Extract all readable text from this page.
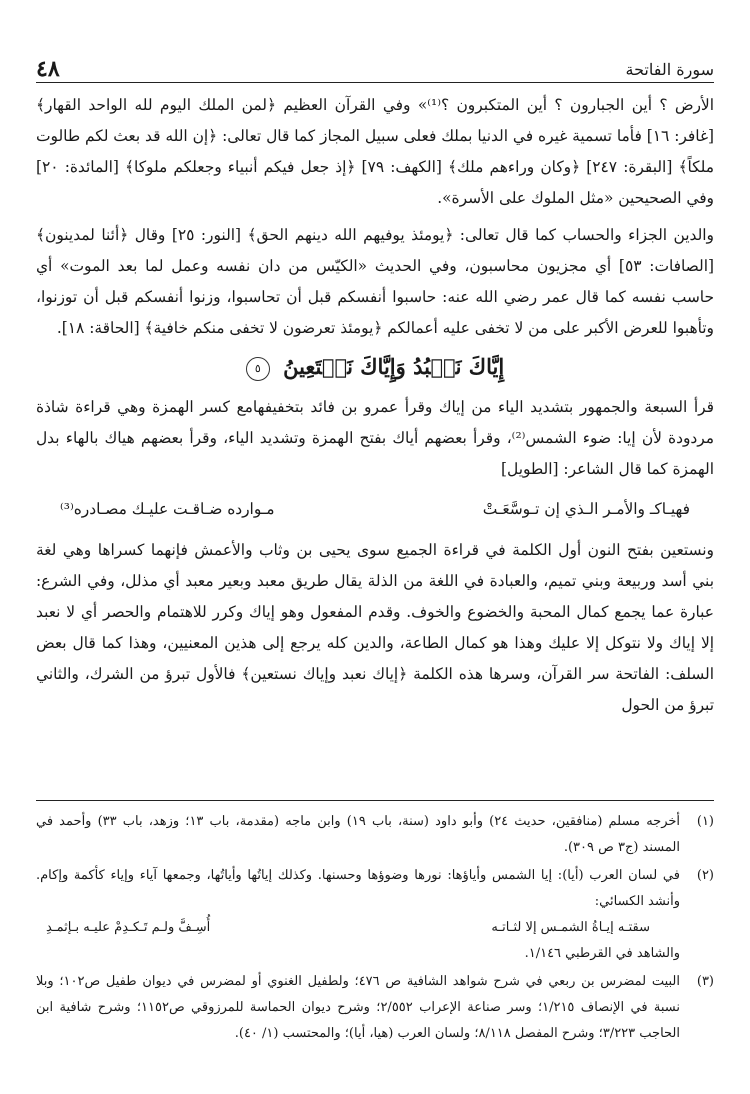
سورة الفاتحة
٤٨

الأرض ؟ أين الجبارون ؟ أين المتكبرون ؟⁽¹⁾» وفي القرآن العظيم ﴿لمن الملك اليوم لله الواحد القهار﴾ [غافر: ١٦] فأما تسمية غيره في الدنيا بملك فعلى سبيل المجاز كما قال تعالى: ﴿إن الله قد بعث لكم طالوت ملكاً﴾ [البقرة: ٢٤٧] ﴿وكان وراءهم ملك﴾ [الكهف: ٧٩] ﴿إذ جعل فيكم أنبياء وجعلكم ملوكا﴾ [المائدة: ٢٠] وفي الصحيحين «مثل الملوك على الأسرة».

والدين الجزاء والحساب كما قال تعالى: ﴿يومئذ يوفيهم الله دينهم الحق﴾ [النور: ٢٥] وقال ﴿أئنا لمدينون﴾ [الصافات: ٥٣] أي مجزيون محاسبون، وفي الحديث «الكيّس من دان نفسه وعمل لما بعد الموت» أي حاسب نفسه كما قال عمر رضي الله عنه: حاسبوا أنفسكم قبل أن تحاسبوا، وزنوا أنفسكم قبل أن توزنوا، وتأهبوا للعرض الأكبر على من لا تخفى عليه أعمالكم ﴿يومئذ تعرضون لا تخفى منكم خافية﴾ [الحاقة: ١٨].

إِيَّاكَ نَعۡبُدُ وَإِيَّاكَ نَسۡتَعِينُ ٥

قرأ السبعة والجمهور بتشديد الياء من إياك وقرأ عمرو بن فائد بتخفيفهامع كسر الهمزة وهي قراءة شاذة مردودة لأن إيا: ضوء الشمس⁽²⁾، وقرأ بعضهم أياك بفتح الهمزة وتشديد الياء، وقرأ بعضهم هياك بالهاء بدل الهمزة كما قال الشاعر: [الطويل]

فهيـاكـ والأمـر الـذي إن تـوسَّعَـتْ
مـوارده ضـاقـت عليـك مصـادره⁽³⁾

ونستعين بفتح النون أول الكلمة في قراءة الجميع سوى يحيى بن وثاب والأعمش فإنهما كسراها وهي لغة بني أسد وربيعة وبني تميم، والعبادة في اللغة من الذلة يقال طريق معبد وبعير معبد أي مذلل، وفي الشرع: عبارة عما يجمع كمال المحبة والخضوع والخوف. وقدم المفعول وهو إياك وكرر للاهتمام والحصر أي لا نعبد إلا إياك ولا نتوكل إلا عليك وهذا هو كمال الطاعة، والدين كله يرجع إلى هذين المعنيين، وهذا كما قال بعض السلف: الفاتحة سر القرآن، وسرها هذه الكلمة ﴿إياك نعبد وإياك نستعين﴾ فالأول تبرؤ من الشرك، والثاني تبرؤ من الحول

(١)
أخرجه مسلم (منافقين، حديث ٢٤) وأبو داود (سنة، باب ١٩) وابن ماجه (مقدمة، باب ١٣؛ وزهد، باب ٣٣) وأحمد في المسند (ج٣ ص ٣٠٩).
(٢)
في لسان العرب (أيا): إيا الشمس وأياؤها: نورها وضوؤها وحسنها. وكذلك إياتُها وأياتُها، وجمعها آياء وإياء كأكمة وإكام. وأنشد الكسائي:
سقتـه إيـاةُ الشمـس إلا لثـاتـه
أُسِـفَّ ولـم تَـكـدِمْ عليـه بـإثمـدِ
والشاهد في القرطبي ١/١٤٦.
(٣)
البيت لمضرس بن ربعي في شرح شواهد الشافية ص ٤٧٦؛ ولطفيل الغنوي أو لمضرس في ديوان طفيل ص١٠٢؛ وبلا نسبة في الإنصاف ١/٢١٥؛ وسر صناعة الإعراب ٢/٥٥٢؛ وشرح ديوان الحماسة للمرزوقي ص١١٥٢؛ وشرح شافية ابن الحاجب ٣/٢٢٣؛ وشرح المفصل ٨/١١٨؛ ولسان العرب (هيا، أيا)؛ والمحتسب (١/ ٤٠).
